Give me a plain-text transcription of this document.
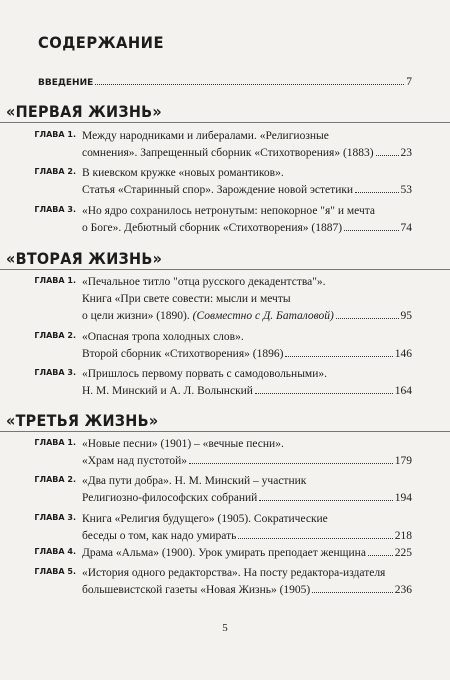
СОДЕРЖАНИЕ
ВВЕДЕНИЕ	7
«ПЕРВАЯ ЖИЗНЬ»
ГЛАВА 1. Между народниками и либералами. «Религиозные
сомнения». Запрещенный сборник «Стихотворения» (1883) 23
ГЛАВА 2. В киевском кружке «новых романтиков».
Статья «Старинный спор». Зарождение новой эстетики	53
ГЛАВА 3. «Но ядро сохранилось нетронутым: непокорное "я" и мечта
о Боге». Дебютный сборник «Стихотворения» (1887)	74
«ВТОРАЯ ЖИЗНЬ»
ГЛАВА 1. «Печальное титло "отца русского декадентства"».
Книга «При свете совести: мысли и мечты
о цели жизни» (1890).
(Совместно с Д. Баталовой)	95
ГЛАВА 2. «Опасная тропа холодных слов».
Второй сборник «Стихотворения» (1896)	146
ГЛАВА 3. «Пришлось первому порвать с самодовольными».
Н. М. Минский и А. Л. Волынский	164
«ТРЕТЬЯ ЖИЗНЬ»
ГЛАВА 1. «Новые песни» (1901) – «вечные песни».
«Храм над пустотой»	179
ГЛАВА 2. «Два пути добра». Н. М. Минский – участник
Религиозно-философских собраний	194
ГЛАВА 3. Книга «Религия будущего» (1905). Сократические
беседы о том, как надо умирать	218
ГЛАВА 4. Драма «Альма» (1900). Урок умирать преподает женщина	225
ГЛАВА 5. «История одного редакторства». На посту редактора-издателя
большевистской газеты «Новая Жизнь» (1905)	236
5
